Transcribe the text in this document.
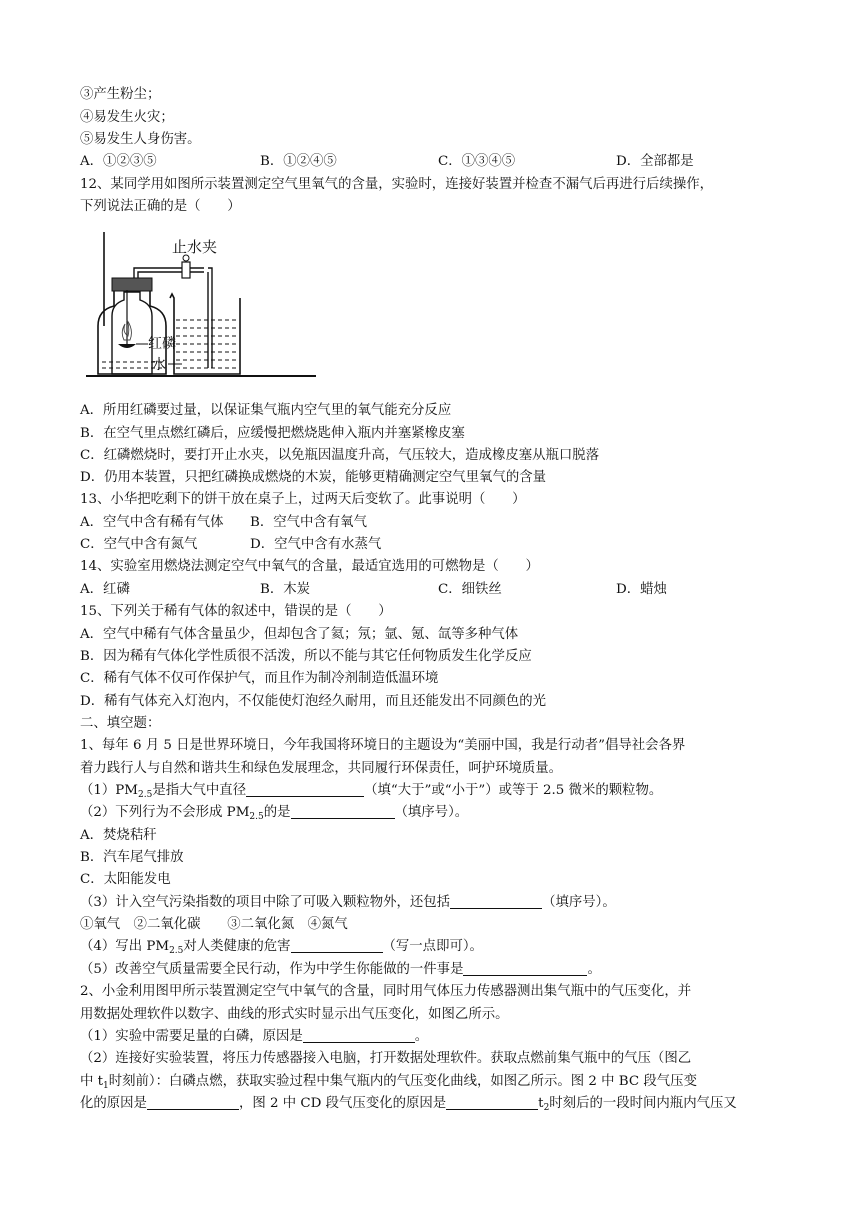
③产生粉尘；
④易发生火灾；
⑤易发生人身伤害。
A．①②③⑤	B．①②④⑤	C．①③④⑤	D．全部都是
12、某同学用如图所示装置测定空气里氧气的含量，实验时，连接好装置并检查不漏气后再进行后续操作，
下列说法正确的是（　　）
止水夹
红磷
水
A．所用红磷要过量，以保证集气瓶内空气里的氧气能充分反应
B．在空气里点燃红磷后，应缓慢把燃烧匙伸入瓶内并塞紧橡皮塞
C．红磷燃烧时，要打开止水夹，以免瓶因温度升高，气压较大，造成橡皮塞从瓶口脱落
D．仍用本装置，只把红磷换成燃烧的木炭，能够更精确测定空气里氧气的含量
13、小华把吃剩下的饼干放在桌子上，过两天后变软了。此事说明（　　）
A．空气中含有稀有气体 B．空气中含有氧气
C．空气中含有氮气	D．空气中含有水蒸气
14、实验室用燃烧法测定空气中氧气的含量，最适宜选用的可燃物是（　　）
A．红磷	B．木炭	C．细铁丝	D．蜡烛
15、下列关于稀有气体的叙述中，错误的是（　　）
A．空气中稀有气体含量虽少，但却包含了氦；氖；氩、氪、氙等多种气体
B．因为稀有气体化学性质很不活泼，所以不能与其它任何物质发生化学反应
C．稀有气体不仅可作保护气，而且作为制冷剂制造低温环境
D．稀有气体充入灯泡内，不仅能使灯泡经久耐用，而且还能发出不同颜色的光
二、填空题：
1、每年 6 月 5 日是世界环境日，今年我国将环境日的主题设为“美丽中国，我是行动者”倡导社会各界
着力践行人与自然和谐共生和绿色发展理念，共同履行环保责任，呵护环境质量。
$(1)PM_{2.5}$是指大气中直径	（填“大于”或“小于”）或等于 2.5 微米的颗粒物。
（2）下列行为不会形成 $PM_{2.5}$的是	（填序号）。
A．焚烧秸秆
B．汽车尾气排放
C．太阳能发电
（3）计入空气污染指数的项目中除了可吸入颗粒物外，还包括	（填序号）。
①氧气　②二氧化碳　　③二氧化氮　④氮气
（4）写出 $PM_{2.5}$对人类健康的危害	（写一点即可）。
（5）改善空气质量需要全民行动，作为中学生你能做的一件事是	。
2、小金利用图甲所示装置测定空气中氧气的含量，同时用气体压力传感器测出集气瓶中的气压变化，并
用数据处理软件以数字、曲线的形式实时显示出气压变化，如图乙所示。
（1）实验中需要足量的白磷，原因是	。
（2）连接好实验装置，将压力传感器接入电脑，打开数据处理软件。获取点燃前集气瓶中的气压（图乙
中 $t_1$时刻前）：白磷点燃，获取实验过程中集气瓶内的气压变化曲线，如图乙所示。图 2 中 BC 段气压变
化的原因是	，图 2 中 CD 段气压变化的原因是	$t_2$时刻后的一段时间内瓶内气压又
